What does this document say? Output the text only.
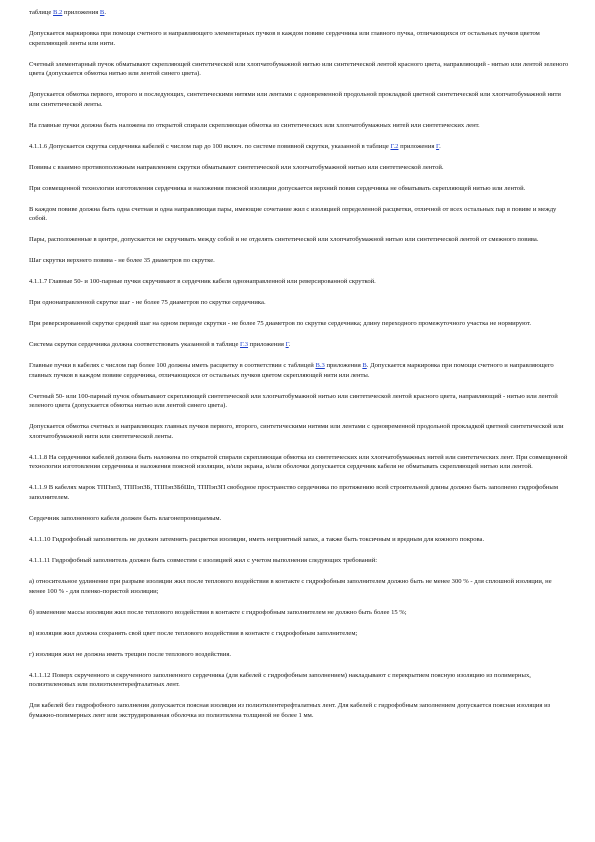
таблице В.2 приложения В.

Допускается маркировка при помощи счетного и направляющего элементарных пучков в каждом повиве сердечника или главного пучка, отличающихся от остальных пучков цветом скрепляющей ленты или нити.

Счетный элементарный пучок обматывают скрепляющей синтетической или хлопчатобумажной нитью или синтетической лентой красного цвета, направляющий - нитью или лентой зеленого цвета (допускается обмотка нитью или лентой синего цвета).

Допускается обмотка первого, второго и последующих, синтетическими нитями или лентами с одновременной продольной прокладкой цветной синтетической или хлопчатобумажной нити или синтетической ленты.

На главные пучки должна быть наложена по открытой спирали скрепляющая обмотка из синтетических или хлопчатобумажных нитей или синтетических лент.

4.1.1.6 Допускается скрутка сердечника кабелей с числом пар до 100 включ. по системе повивной скрутки, указанной в таблице Г.2 приложения Г.

Повивы с взаимно противоположным направлением скрутки обматывают синтетической или хлопчатобумажной нитью или синтетической лентой.

При совмещенной технологии изготовления сердечника и наложения поясной изоляции допускается верхний повив сердечника не обматывать скрепляющей нитью или лентой.

В каждом повиве должна быть одна счетная и одна направляющая пары, имеющие сочетание жил с изоляцией определенной расцветки, отличной от всех остальных пар в повиве и между собой.

Пары, расположенные в центре, допускается не скручивать между собой и не отделять синтетической или хлопчатобумажной нитью или синтетической лентой от смежного повива.

Шаг скрутки верхнего повива - не более 35 диаметров по скрутке.

4.1.1.7 Главные 50- и 100-парные пучки скручивают в сердечник кабеля однонаправленной или реверсированной скруткой.

При однонаправленной скрутке шаг - не более 75 диаметров по скрутке сердечника.

При реверсированной скрутке средний шаг на одном периоде скрутки - не более 75 диаметров по скрутке сердечника; длину переходного промежуточного участка не нормируют.

Система скрутки сердечника должна соответствовать указанной в таблице Г.3 приложения Г.

Главные пучки в кабелях с числом пар более 100 должны иметь расцветку в соответствии с таблицей В.3 приложения В. Допускается маркировка при помощи счетного и направляющего главных пучков в каждом повиве сердечника, отличающихся от остальных пучков цветом скрепляющей нити или ленты.

Счетный 50- или 100-парный пучок обматывают скрепляющей синтетической или хлопчатобумажной нитью или синтетической лентой красного цвета, направляющий - нитью или лентой зеленого цвета (допускается обмотка нитью или лентой синего цвета).

Допускается обмотка счетных и направляющих главных пучков первого, второго, синтетическими нитями или лентами с одновременной продольной прокладкой цветной синтетической или хлопчатобумажной нити или синтетической ленты.

4.1.1.8 На сердечники кабелей должна быть наложена по открытой спирали скрепляющая обмотка из синтетических или хлопчатобумажных нитей или синтетических лент. При совмещенной технологии изготовления сердечника и наложения поясной изоляции, и/или экрана, и/или оболочки допускается сердечник кабеля не обматывать скрепляющей нитью или лентой.

4.1.1.9 В кабелях марок ТППэпЗ, ТППэпЗБ, ТППэпЗБбШп, ТППэпЗП свободное пространство сердечника по протяжению всей строительной длины должно быть заполнено гидрофобным заполнителем.

Сердечник заполненного кабеля должен быть влагонепроницаемым.

4.1.1.10 Гидрофобный заполнитель не должен затемнять расцветки изоляции, иметь неприятный запах, а также быть токсичным и вредным для кожного покрова.

4.1.1.11 Гидрофобный заполнитель должен быть совместим с изоляцией жил с учетом выполнения следующих требований:

а) относительное удлинение при разрыве изоляции жил после теплового воздействия в контакте с гидрофобным заполнителем должно быть не менее 300 % - для сплошной изоляции, не менее 100 % - для пленко-пористой изоляции;

б) изменение массы изоляции жил после теплового воздействия в контакте с гидрофобным заполнителем не должно быть более 15 %;

в) изоляция жил должна сохранять свой цвет после теплового воздействия в контакте с гидрофобным заполнителем;

г) изоляция жил не должна иметь трещин после теплового воздействия.

4.1.1.12 Поверх скрученного и скрученного заполненного сердечника (для кабелей с гидрофобным заполнением) накладывают с перекрытием поясную изоляцию из полимерных, полиэтиленовых или полиэтилентерефталатных лент.

Для кабелей без гидрофобного заполнения допускается поясная изоляция из полиэтилентерефталатных лент. Для кабелей с гидрофобным заполнением допускается поясная изоляция из бумажно-полимерных лент или экструдированная оболочка из полиэтилена толщиной не более 1 мм.
